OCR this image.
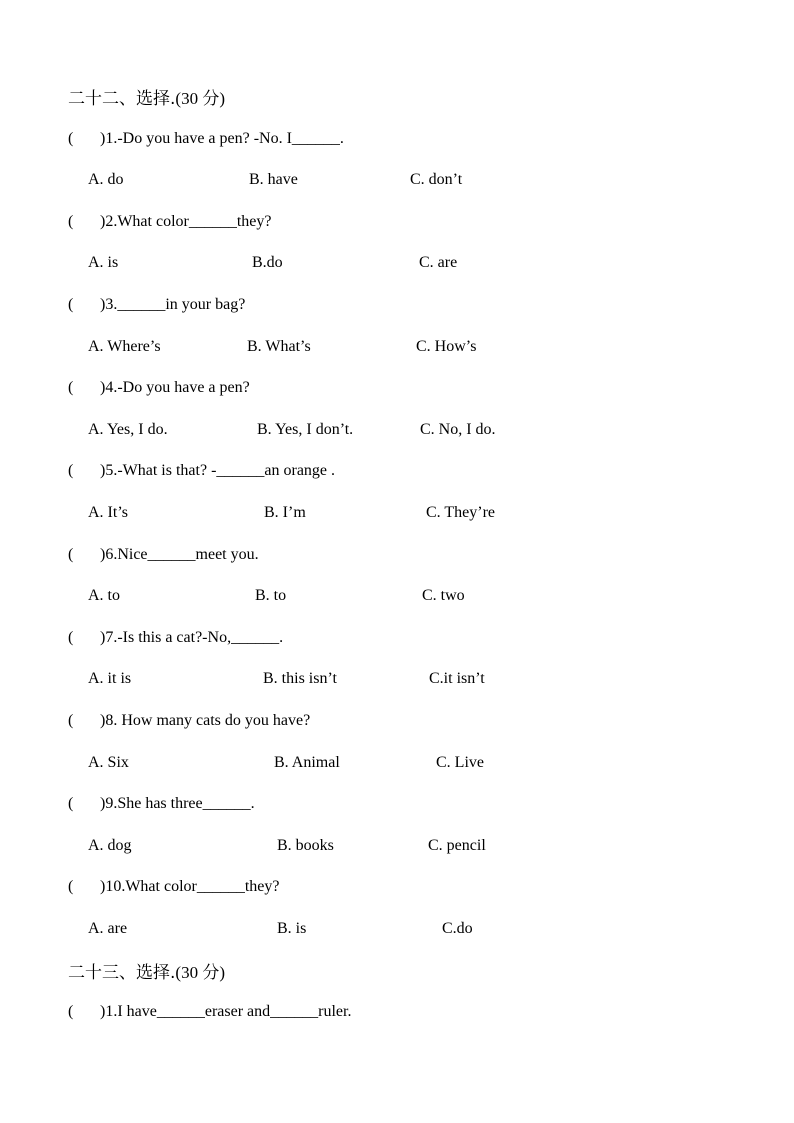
二十二、选择.(30 分)
( )1.-Do you have a pen? -No. I______.
A. do	B. have	C. don’t
( )2.What color______they?
A. is	B.do	C. are
( )3.______in your bag?
A. Where’s	B. What’s	C. How’s
( )4.-Do you have a pen?
A. Yes, I do.	B. Yes, I don’t.	C. No, I do.
( )5.-What is that? -______an orange .
A. It’s	B. I’m	C. They’re
( )6.Nice______meet you.
A. to	B. to	C. two
( )7.-Is this a cat?-No,______.
A. it is	B. this isn’t	C.it isn’t
( )8. How many cats do you have?
A. Six	B. Animal	C. Live
( )9.She has three______.
A. dog	B. books	C. pencil
( )10.What color______they?
A. are	B. is	C.do
二十三、选择.(30 分)
( )1.I have______eraser and______ruler.
